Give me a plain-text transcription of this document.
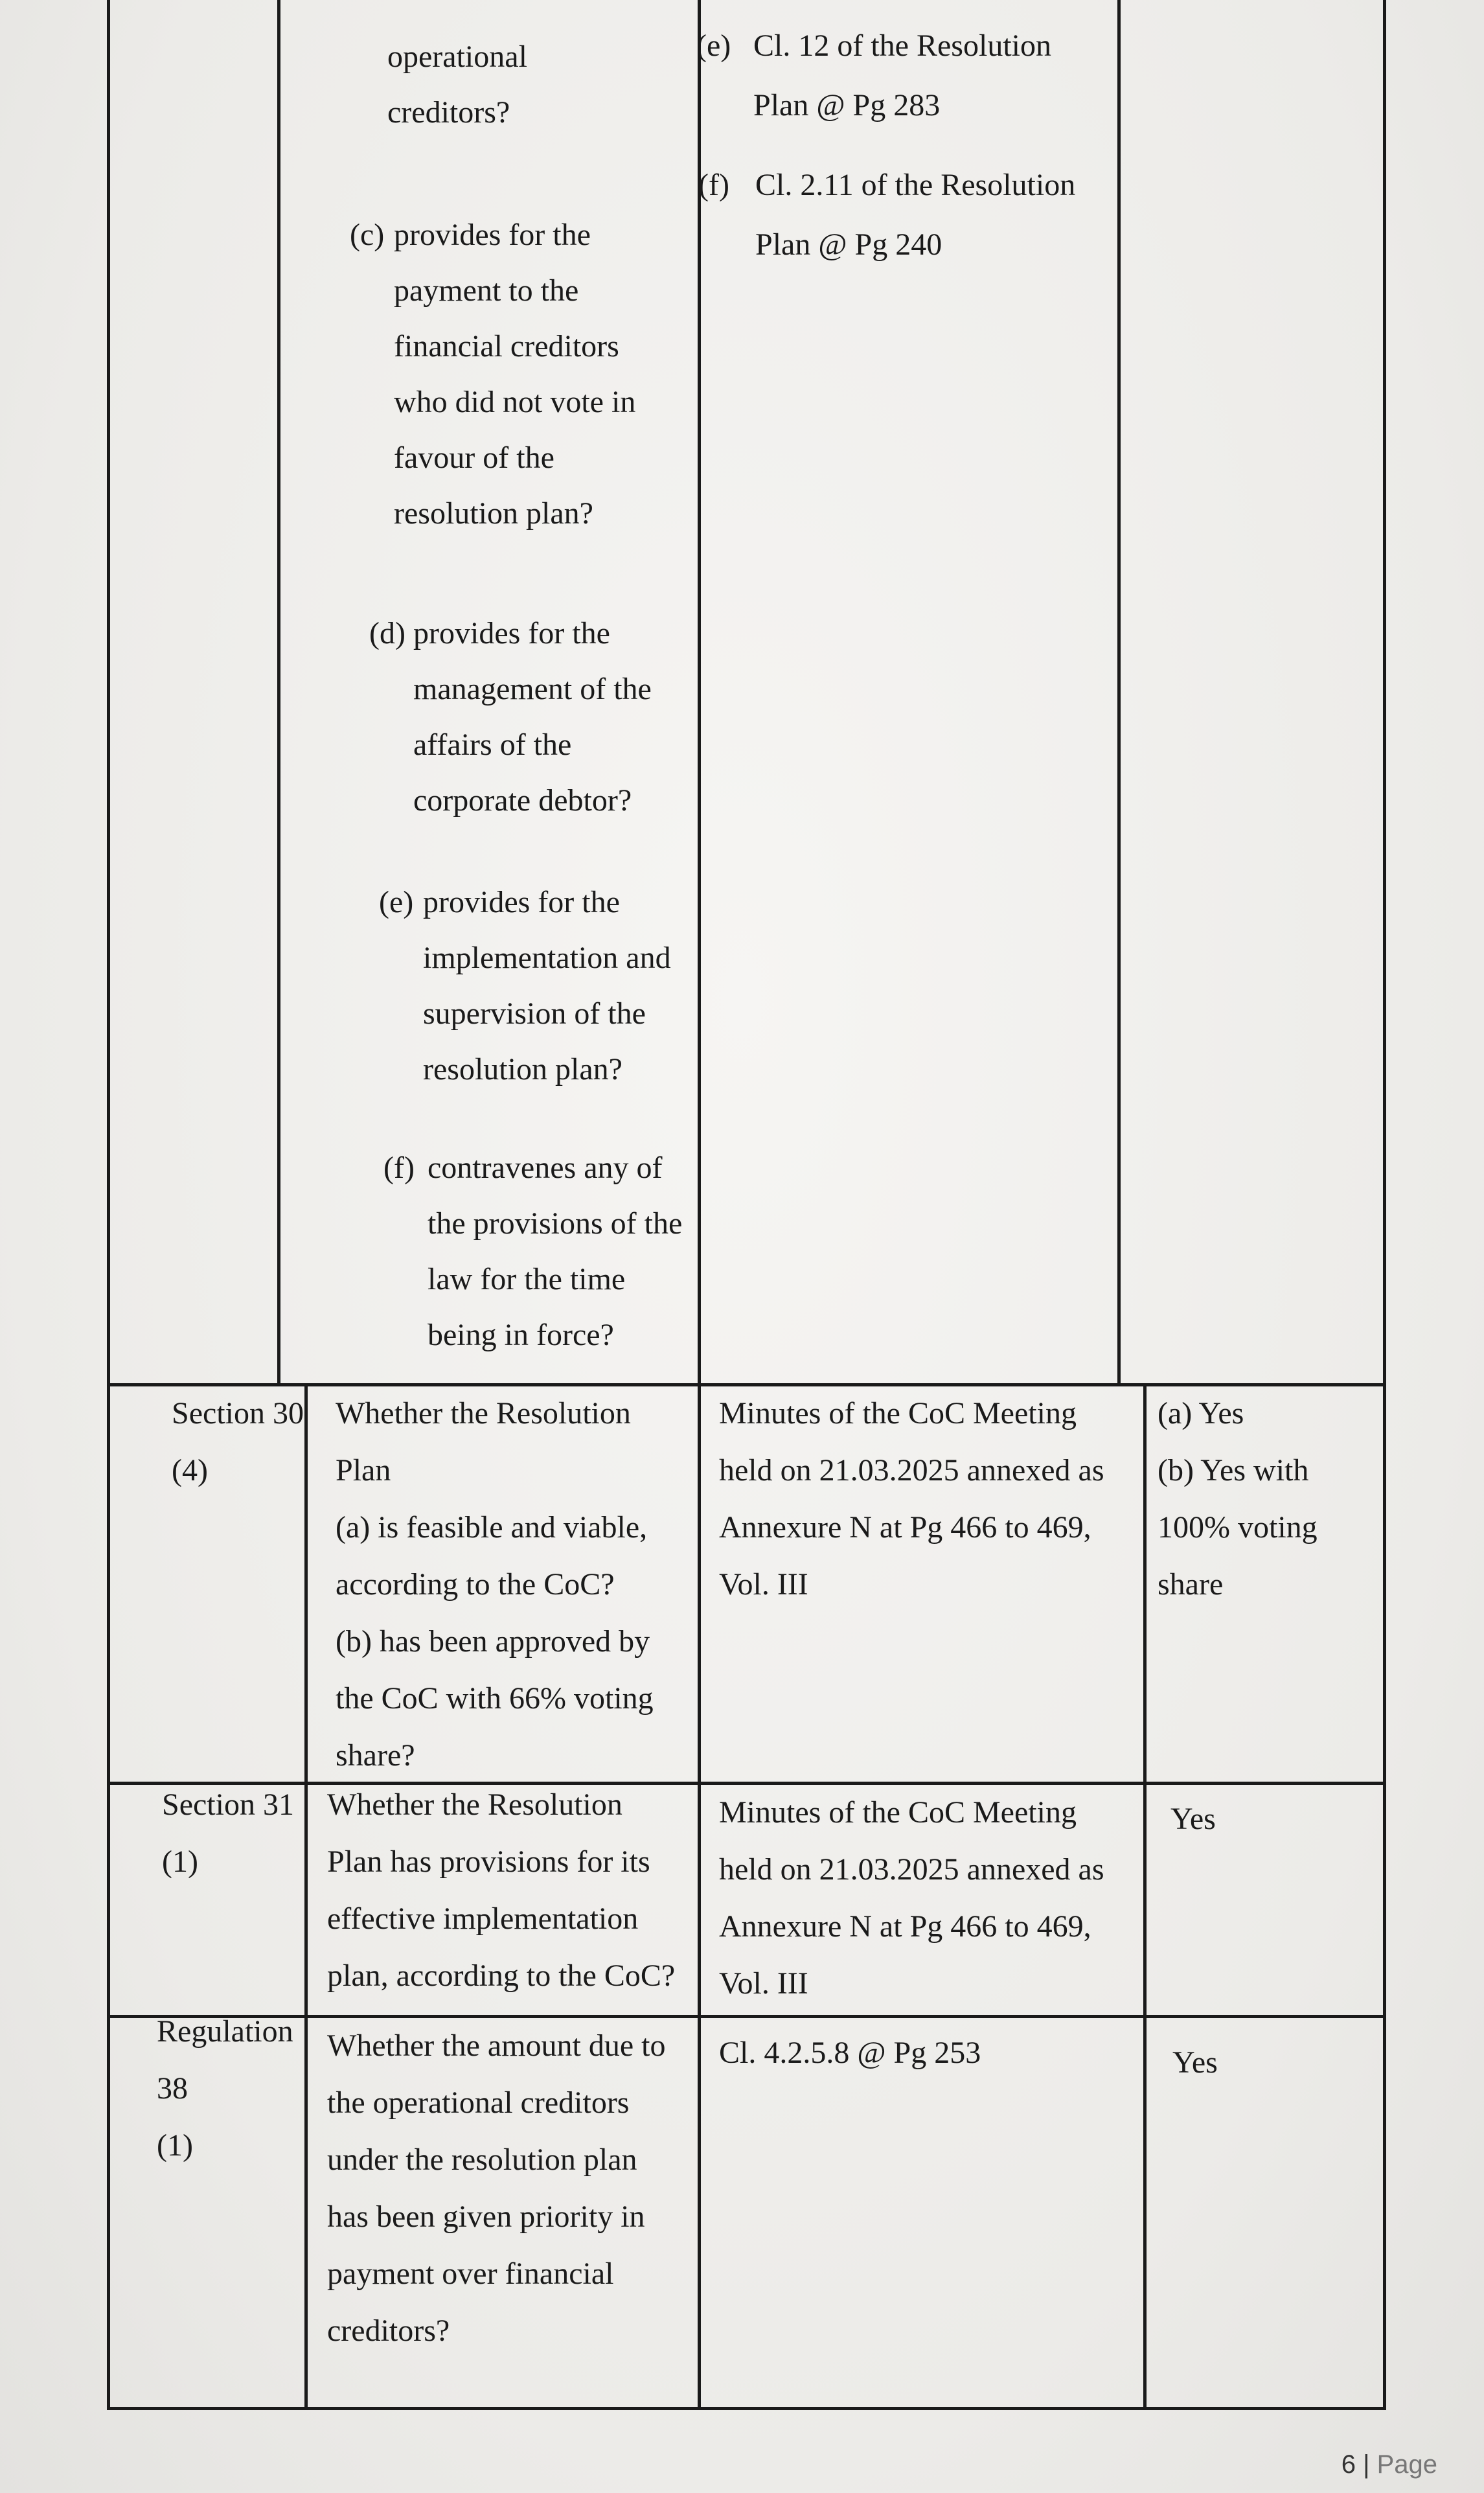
operational
creditors?
(c) provides for the
payment to the
financial creditors
who did not vote in
favour of the
resolution plan?
(d) provides for the
management of the
affairs of the
corporate debtor?
(e) provides for the
implementation and
supervision of the
resolution plan?
(f) contravenes any of
the provisions of the
law for the time
being in force?
(e) Cl. 12 of the Resolution
Plan @ Pg 283
(f) Cl. 2.11 of the Resolution
Plan @ Pg 240
Section 30
(4)
Whether the Resolution
Plan
(a) is feasible and viable,
according to the CoC?
(b) has been approved by
the CoC with 66% voting
share?
Minutes of the CoC Meeting
held on 21.03.2025 annexed as
Annexure N at Pg 466 to 469,
Vol. III
(a) Yes
(b) Yes with
100% voting
share
Section 31
(1)
Whether the Resolution
Plan has provisions for its
effective implementation
plan, according to the CoC?
Minutes of the CoC Meeting
held on 21.03.2025 annexed as
Annexure N at Pg 466 to 469,
Vol. III
Yes
Regulation
38
(1)
Whether the amount due to
the operational creditors
under the resolution plan
has been given priority in
payment over financial
creditors?
Cl. 4.2.5.8 @ Pg 253	Yes
6 | Page
